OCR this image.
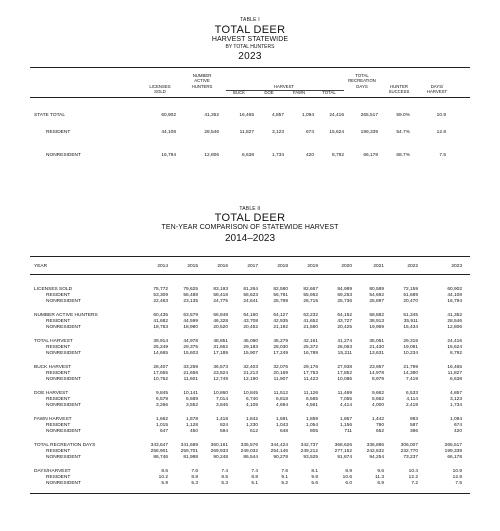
TABLE I
TOTAL DEER
HARVEST STATEWIDE
BY TOTAL HUNTERS
2023
LICENSES
SOLD
NUMBER
ACTIVE
HUNTERS	HARVEST
BUCK	DOE	FAWN	TOTAL
TOTAL
RECREATION
DAYS	HUNTER
SUCCESS
DAYS/
HARVEST
STATE TOTAL	60,902	41,352	16,465	4,857	1,094	24,416	265,517	59.0%	10.9
RESIDENT	44,108	28,546	11,827	3,123	674	15,624	199,339	54.7%	12.8
NONRESIDENT	16,794	12,806	6,638	1,734	420	8,792	66,178	68.7%	7.5
TABLE II
TOTAL DEER
TEN-YEAR COMPARISON OF STATEWIDE HARVEST
2014–2023
YEAR	2014	2015	2016	2017	2018	2019	2020	2021	2022	2023
LICENSES SOLD	75,772	79,625	83,193	81,264	82,580	82,667	84,989	80,589	72,159	60,902
RESIDENT	53,309	56,488	58,418	56,623	56,781	55,952	59,253	54,692	51,689	44,108
NONRESIDENT	22,463	23,135	24,775	24,641	25,799	26,715	25,736	25,897	20,470	16,794
NUMBER ACTIVE HUNTERS	60,435	63,579	66,848	64,160	64,127	63,232	64,152	58,882	51,345	41,352
RESIDENT	41,682	44,599	46,328	43,708	42,935	41,652	43,727	38,913	35,911	28,546
NONRESIDENT	18,753	18,980	20,520	20,452	21,192	21,580	20,425	19,969	15,434	12,806
TOTAL HARVEST	39,914	44,978	48,851	45,090	45,279	42,161	41,274	35,061	29,315	24,416
RESIDENT	25,249	29,375	31,662	29,183	28,030	25,372	26,063	21,430	19,081	15,624
NONRESIDENT	14,665	15,603	17,189	15,907	17,249	16,789	15,211	13,631	10,234	8,792
BUCK HARVEST	28,407	33,259	36,573	32,403	32,076	29,176	27,938	23,957	21,799	16,465
RESIDENT	17,655	21,658	23,824	21,213	20,169	17,753	17,852	14,978	14,380	11,827
NONRESIDENT	10,752	11,601	12,749	12,190	11,907	11,423	10,086	8,979	7,419	6,638
DOE HARVEST	9,845	10,141	10,860	10,845	11,512	11,126	11,469	9,662	6,533	4,857
RESIDENT	6,579	6,589	7,014	6,740	6,818	6,565	7,055	5,662	4,114	3,123
NONRESIDENT	3,266	3,552	3,846	4,105	4,694	4,561	4,414	4,000	2,419	1,734
FAWN HARVEST	1,662	1,578	1,418	1,842	1,691	1,859	1,867	1,442	983	1,094
RESIDENT	1,015	1,128	824	1,230	1,043	1,054	1,156	790	587	674
NONRESIDENT	647	450	594	612	648	805	711	652	396	420
TOTAL RECREATION DAYS	343,647	341,689	360,161	335,576	344,424	342,737	368,626	336,886	306,007	265,517
RESIDENT	256,901	259,701	269,933	249,032	254,146	249,212	277,152	242,632	232,770	199,339
NONRESIDENT	86,746	81,988	90,248	86,544	90,278	93,525	91,874	94,254	73,237	66,178
DAYS/HARVEST	8.6	7.6	7.4	7.4	7.6	8.1	8.9	9.6	10.4	10.9
RESIDENT	10.2	8.8	8.5	8.8	9.1	9.8	10.6	11.3	12.2	12.8
NONRESIDENT	5.9	5.3	5.3	5.1	5.2	5.6	6.0	6.9	7.2	7.5
